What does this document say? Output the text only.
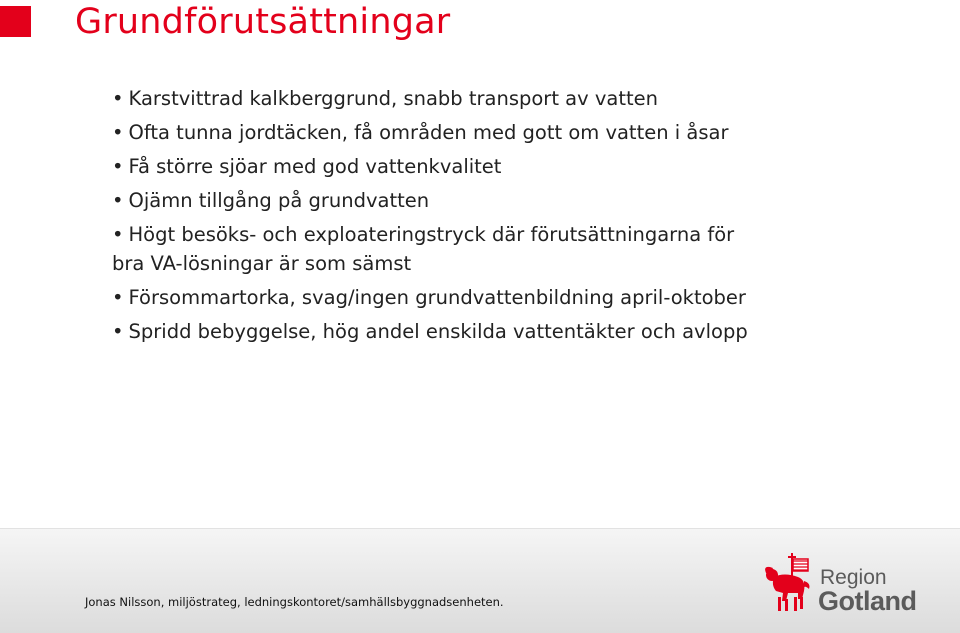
Grundförutsättningar
• Karstvittrad kalkberggrund, snabb transport av vatten
• Ofta tunna jordtäcken, få områden med gott om vatten i åsar
• Få större sjöar med god vattenkvalitet
• Ojämn tillgång på grundvatten
• Högt besöks- och exploateringstryck där förutsättningarna för bra VA-lösningar är som sämst
• Försommartorka, svag/ingen grundvattenbildning april-oktober
• Spridd bebyggelse, hög andel enskilda vattentäkter och avlopp
Jonas Nilsson, miljöstrateg, ledningskontoret/samhällsbyggnadsenheten.
Region
Gotland
